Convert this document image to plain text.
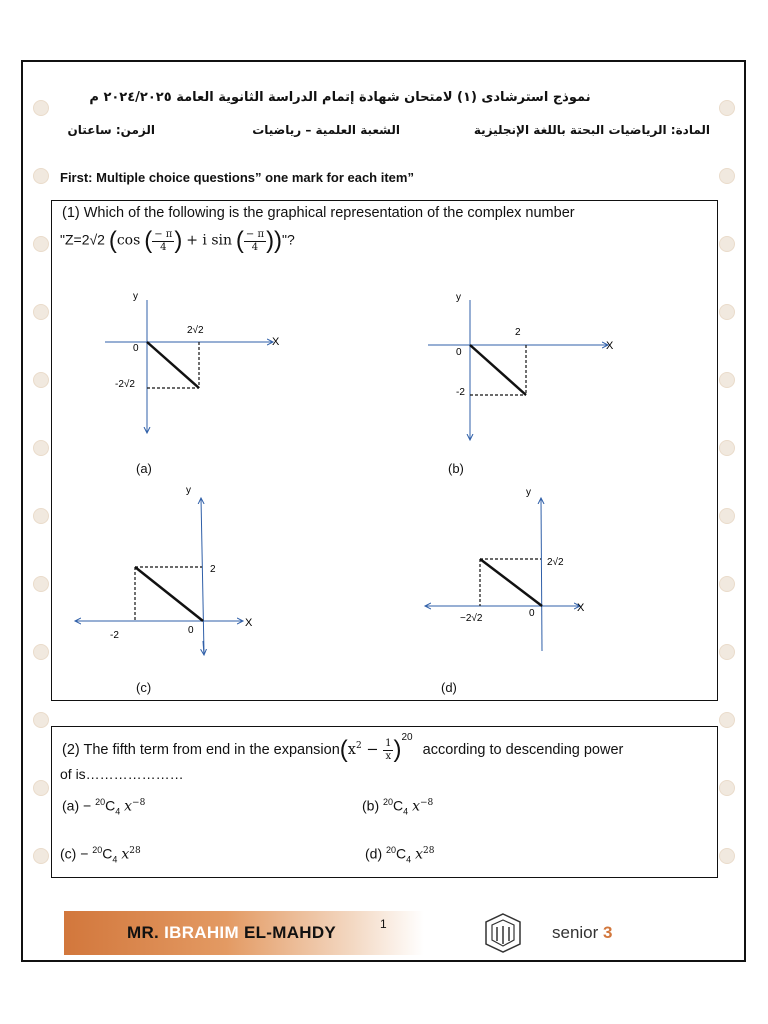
نموذج استرشادى (١) لامتحان شهادة إتمام الدراسة الثانوية العامة ٢٠٢٤/٢٠٢٥ م
المادة: الرياضيات البحتة باللغة الإنجليزية
الشعبة العلمية – رياضيات
الزمن: ساعتان
First: Multiple choice questions” one mark for each item”
(1) Which of the following is the graphical representation of the complex number
"Z=2√2 (cos ( $\frac{- \pi}{4}$ ) + i sin ( $\frac{- \pi}{4}$ ))"?
y
X
0
2√2
-2√2
(a)
y
X
0
2
-2
(b)
y
X
0
-2
2
(c)
y
X
0
−2√2
2√2
(d)
(2) The fifth term from end in the $expansion(x^2 - \frac{1}{x} )^{20}$ according to descending power
of is…………………
$(a) - ^{20}C_4$ $x^{-8}$	(b) $^{20}C_4$ $x^{-8}$
$(c) - ^{20}C_4$ $x^{28}$	(d) $^{20}C_4$ $x^{28}$
MR. IBRAHIM EL-MAHDY	1	senior 3
